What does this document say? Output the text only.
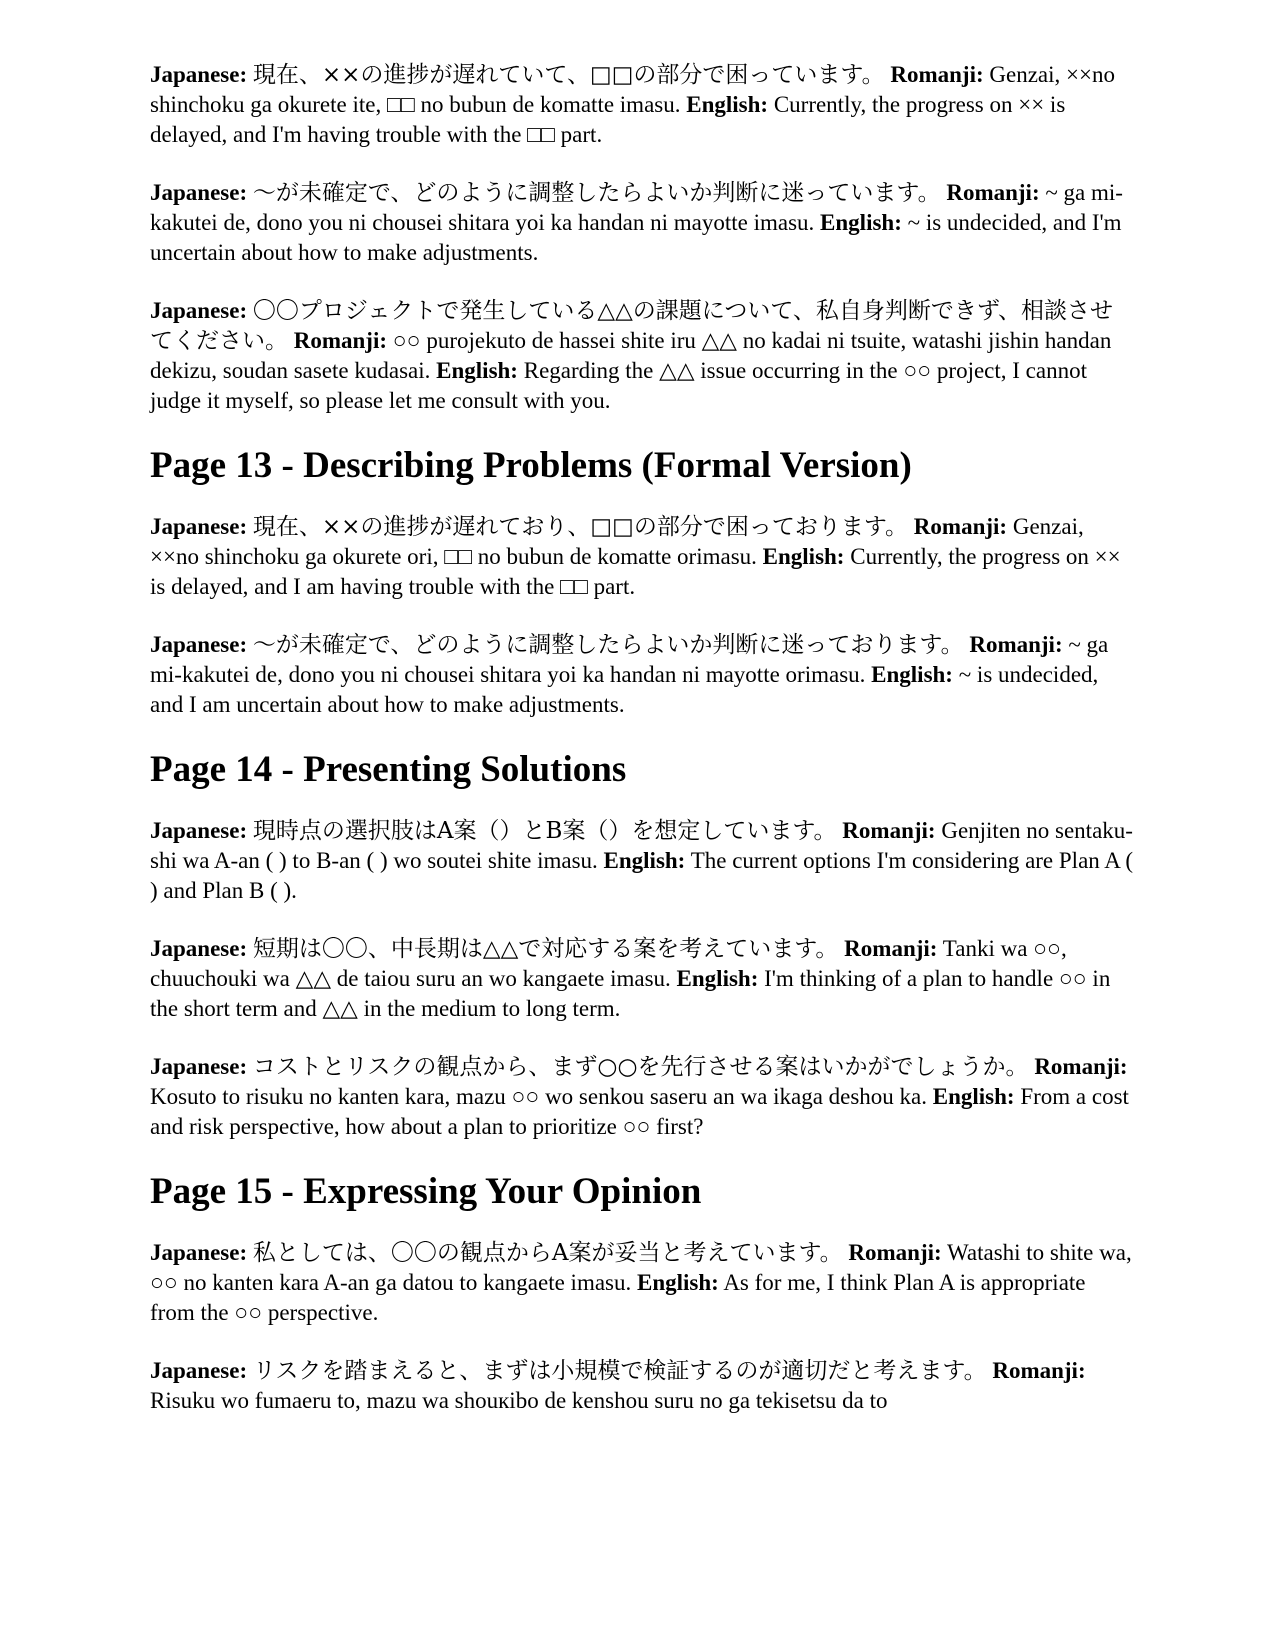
Japanese: 現在、××の進捗が遅れていて、□□の部分で困っています。 Romanji: Genzai, ××no shinchoku ga okurete ite, □□ no bubun de komatte imasu. English: Currently, the progress on ×× is delayed, and I'm having trouble with the □□ part.

Japanese: 〜が未確定で、どのように調整したらよいか判断に迷っています。 Romanji: ~ ga mi-kakutei de, dono you ni chousei shitara yoi ka handan ni mayotte imasu. English: ~ is undecided, and I'm uncertain about how to make adjustments.

Japanese: 〇〇プロジェクトで発生している△△の課題について、私自身判断できず、相談させてください。 Romanji: ○○ purojekuto de hassei shite iru △△ no kadai ni tsuite, watashi jishin handan dekizu, soudan sasete kudasai. English: Regarding the △△ issue occurring in the ○○ project, I cannot judge it myself, so please let me consult with you.

Page 13 - Describing Problems (Formal Version)

Japanese: 現在、××の進捗が遅れており、□□の部分で困っております。 Romanji: Genzai, ××no shinchoku ga okurete ori, □□ no bubun de komatte orimasu. English: Currently, the progress on ×× is delayed, and I am having trouble with the □□ part.

Japanese: 〜が未確定で、どのように調整したらよいか判断に迷っております。 Romanji: ~ ga mi-kakutei de, dono you ni chousei shitara yoi ka handan ni mayotte orimasu. English: ~ is undecided, and I am uncertain about how to make adjustments.

Page 14 - Presenting Solutions

Japanese: 現時点の選択肢はA案（）とB案（）を想定しています。 Romanji: Genjiten no sentaku-shi wa A-an ( ) to B-an ( ) wo soutei shite imasu. English: The current options I'm considering are Plan A ( ) and Plan B ( ).

Japanese: 短期は〇〇、中長期は△△で対応する案を考えています。 Romanji: Tanki wa ○○, chuuchouki wa △△ de taiou suru an wo kangaete imasu. English: I'm thinking of a plan to handle ○○ in the short term and △△ in the medium to long term.

Japanese: コストとリスクの観点から、まず○○を先行させる案はいかがでしょうか。 Romanji: Kosuto to risuku no kanten kara, mazu ○○ wo senkou saseru an wa ikaga deshou ka. English: From a cost and risk perspective, how about a plan to prioritize ○○ first?

Page 15 - Expressing Your Opinion

Japanese: 私としては、〇〇の観点からA案が妥当と考えています。 Romanji: Watashi to shite wa, ○○ no kanten kara A-an ga datou to kangaete imasu. English: As for me, I think Plan A is appropriate from the ○○ perspective.

Japanese: リスクを踏まえると、まずは小規模で検証するのが適切だと考えます。 Romanji: Risuku wo fumaeru to, mazu wa shouкibo de kenshou suru no ga tekisetsu da to
